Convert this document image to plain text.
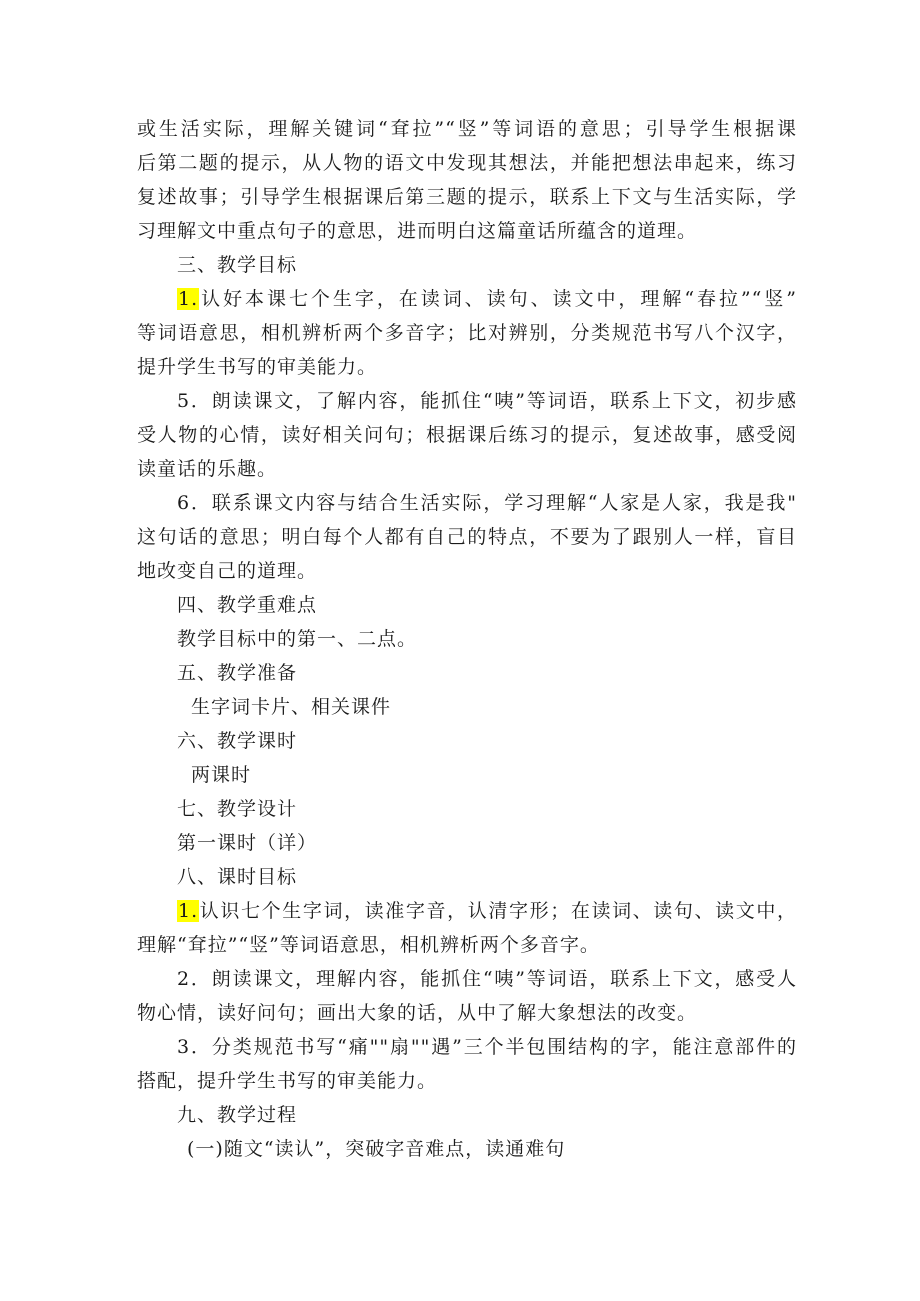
或生活实际，理解关键词“耷拉”“竖”等词语的意思；引导学生根据课
后第二题的提示，从人物的语文中发现其想法，并能把想法串起来，练习
复述故事；引导学生根据课后第三题的提示，联系上下文与生活实际，学
习理解文中重点句子的意思，进而明白这篇童话所蕴含的道理。
三、教学目标
1.认好本课七个生字，在读词、读句、读文中，理解“春拉”“竖”
等词语意思，相机辨析两个多音字；比对辨别，分类规范书写八个汉字，
提升学生书写的审美能力。
5．朗读课文，了解内容，能抓住“咦”等词语，联系上下文，初步感
受人物的心情，读好相关问句；根据课后练习的提示，复述故事，感受阅
读童话的乐趣。
6．联系课文内容与结合生活实际，学习理解“人家是人家，我是我"
这句话的意思；明白每个人都有自己的特点，不要为了跟别人一样，盲目
地改变自己的道理。
四、教学重难点
教学目标中的第一、二点。
五、教学准备
生字词卡片、相关课件
六、教学课时
两课时
七、教学设计
第一课时（详）
八、课时目标
1.认识七个生字词，读准字音，认清字形；在读词、读句、读文中，
理解“耷拉”“竖”等词语意思，相机辨析两个多音字。
2．朗读课文，理解内容，能抓住“咦”等词语，联系上下文，感受人
物心情，读好问句；画出大象的话，从中了解大象想法的改变。
3．分类规范书写“痛""扇""遇”三个半包围结构的字，能注意部件的
搭配，提升学生书写的审美能力。
九、教学过程
(一)随文“读认”，突破字音难点，读通难句
